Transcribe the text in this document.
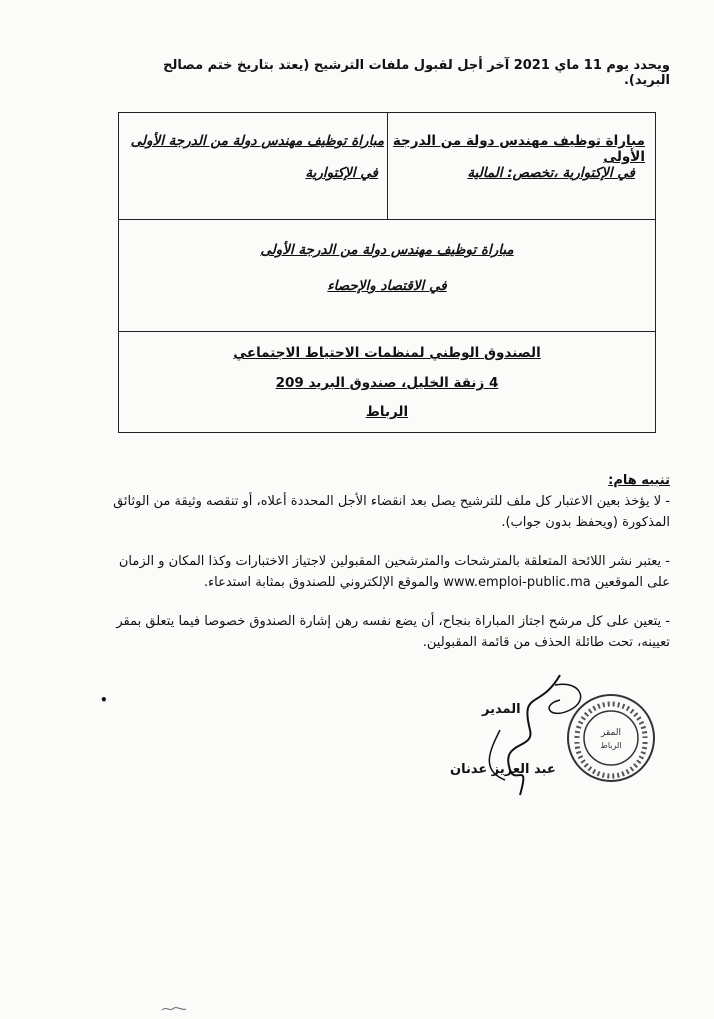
ويحدد يوم 11 ماي 2021 آخر أجل لقبول ملفات الترشيح (يعتد بتاريخ ختم مصالح البريد).
مباراة توظيف مهندس دولة من الدرجة الأولى
في الإكتوارية ،تخصص: المالية
مباراة توظيف مهندس دولة من الدرجة الأولى
في الإكتوارية
مباراة توظيف مهندس دولة من الدرجة الأولى
في الاقتصاد والإحصاء
الصندوق الوطني لمنظمات الاحتياط الاجتماعي
4 زنقة الخليل، صندوق البريد 209
الرباط
تنبيه هام:

- لا يؤخذ بعين الاعتبار كل ملف للترشيح يصل بعد انقضاء الأجل المحددة أعلاه، أو تنقصه وثيقة من الوثائق المذكورة (ويحفظ بدون جواب).

- يعتبر نشر اللائحة المتعلقة بالمترشحات والمترشحين المقبولين لاجتياز الاختبارات وكذا المكان و الزمان على الموقعين www.emploi-public.ma والموقع الإلكتروني للصندوق بمثابة استدعاء.

- يتعين على كل مرشح اجتاز المباراة بنجاح، أن يضع نفسه رهن إشارة الصندوق خصوصا فيما يتعلق بمقر تعيينه، تحت طائلة الحذف من قائمة المقبولين.

•
المدير
عبد العزيز عدنان
المقر
الرباط
